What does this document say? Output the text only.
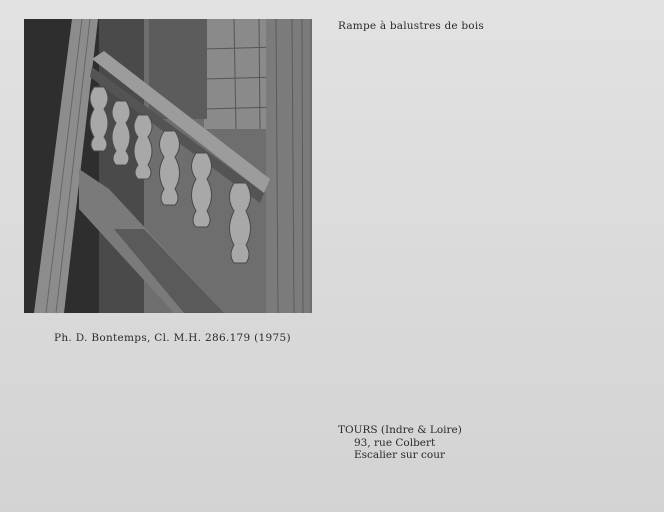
Rampe à balustres de bois
Ph. D. Bontemps, Cl. M.H. 286.179 (1975)
TOURS (Indre & Loire)
93, rue Colbert
Escalier sur cour
